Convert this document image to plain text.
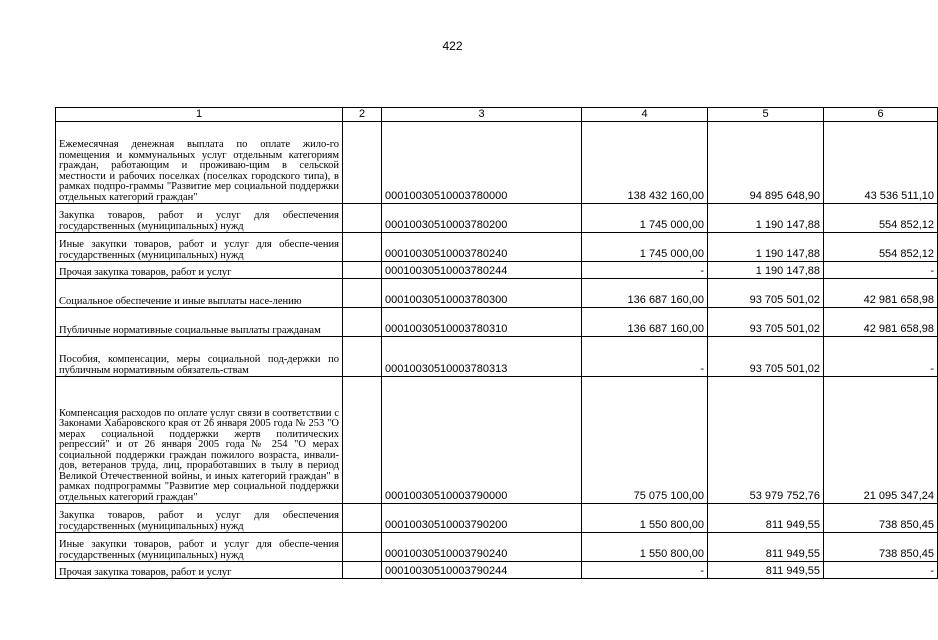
422
1	2	3	4	5	6
Ежемесячная денежная выплата по оплате жило-го помещения и коммунальных услуг отдельным категориям граждан, работающим и проживаю-щим в сельской местности и рабочих поселках (поселках городского типа), в рамках подпро-граммы "Развитие мер социальной поддержки отдельных категорий граждан"		00010030510003780000	138 432 160,00	94 895 648,90	43 536 511,10
Закупка товаров, работ и услуг для обеспечения государственных (муниципальных) нужд		00010030510003780200	1 745 000,00	1 190 147,88	554 852,12
Иные закупки товаров, работ и услуг для обеспе-чения государственных (муниципальных) нужд		00010030510003780240	1 745 000,00	1 190 147,88	554 852,12
Прочая закупка товаров, работ и услуг		00010030510003780244	-	1 190 147,88	-
Социальное обеспечение и иные выплаты насе-лению		00010030510003780300	136 687 160,00	93 705 501,02	42 981 658,98
Публичные нормативные социальные выплаты гражданам		00010030510003780310	136 687 160,00	93 705 501,02	42 981 658,98
Пособия, компенсации, меры социальной под-держки по публичным нормативным обязатель-ствам		00010030510003780313	-	93 705 501,02	-
Компенсация расходов по оплате услуг связи в соответствии с Законами Хабаровского края от 26 января 2005 года № 253 "О мерах социальной поддержки жертв политических репрессий" и от 26 января 2005 года № 254 "О мерах социальной поддержки граждан пожилого возраста, инвали-дов, ветеранов труда, лиц, проработавших в тылу в период Великой Отечественной войны, и иных категорий граждан" в рамках подпрограммы "Развитие мер социальной поддержки отдельных категорий граждан"		00010030510003790000	75 075 100,00	53 979 752,76	21 095 347,24
Закупка товаров, работ и услуг для обеспечения государственных (муниципальных) нужд		00010030510003790200	1 550 800,00	811 949,55	738 850,45
Иные закупки товаров, работ и услуг для обеспе-чения государственных (муниципальных) нужд		00010030510003790240	1 550 800,00	811 949,55	738 850,45
Прочая закупка товаров, работ и услуг		00010030510003790244	-	811 949,55	-
